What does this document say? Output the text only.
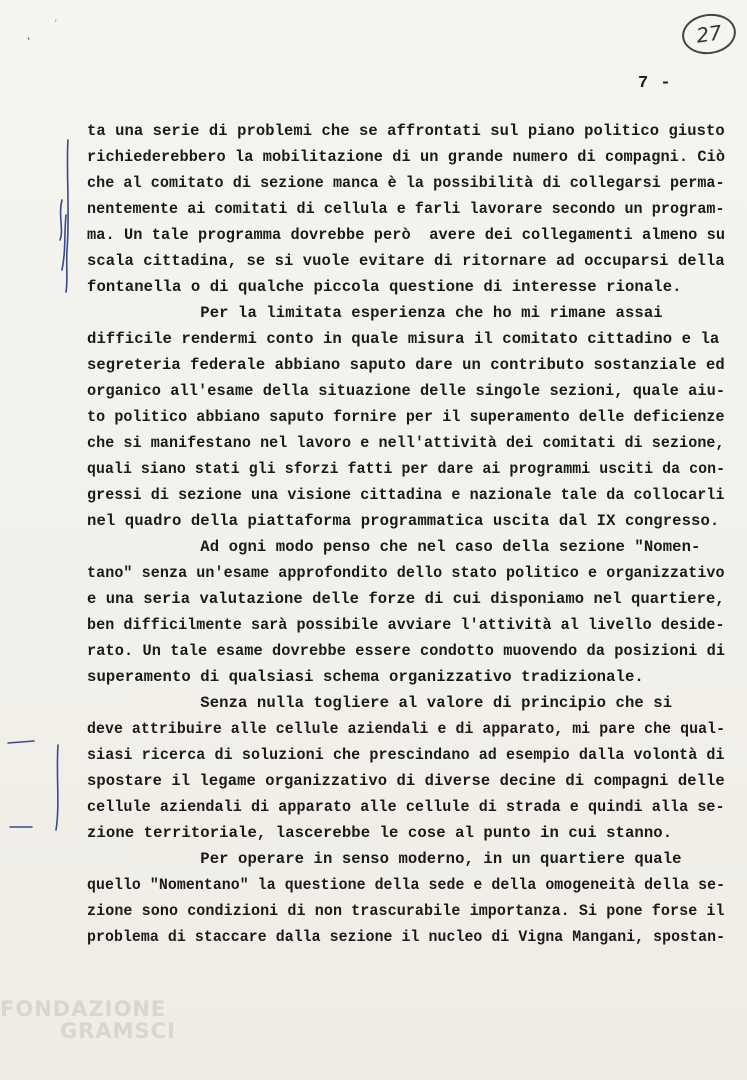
˒
·	27
7 -
ta una serie di problemi che se affrontati sul piano politico giusto
richiederebbero la mobilitazione di un grande numero di compagni. Ciò
che al comitato di sezione manca è la possibilità di collegarsi perma-
nentemente ai comitati di cellula e farli lavorare secondo un program-
ma. Un tale programma dovrebbe però  avere dei collegamenti almeno su
scala cittadina, se si vuole evitare di ritornare ad occuparsi della
fontanella o di qualche piccola questione di interesse rionale.
Per la limitata esperienza che ho mi rimane assai
difficile rendermi conto in quale misura il comitato cittadino e la
segreteria federale abbiano saputo dare un contributo sostanziale ed
organico all'esame della situazione delle singole sezioni, quale aiu-
to politico abbiano saputo fornire per il superamento delle deficienze
che si manifestano nel lavoro e nell'attività dei comitati di sezione,
quali siano stati gli sforzi fatti per dare ai programmi usciti da con-
gressi di sezione una visione cittadina e nazionale tale da collocarli
nel quadro della piattaforma programmatica uscita dal IX congresso.
Ad ogni modo penso che nel caso della sezione "Nomen-
tano" senza un'esame approfondito dello stato politico e organizzativo
e una seria valutazione delle forze di cui disponiamo nel quartiere,
ben difficilmente sarà possibile avviare l'attività al livello deside-
rato. Un tale esame dovrebbe essere condotto muovendo da posizioni di
superamento di qualsiasi schema organizzativo tradizionale.
Senza nulla togliere al valore di principio che si
deve attribuire alle cellule aziendali e di apparato, mi pare che qual-
siasi ricerca di soluzioni che prescindano ad esempio dalla volontà di
spostare il legame organizzativo di diverse decine di compagni delle
cellule aziendali di apparato alle cellule di strada e quindi alla se-
zione territoriale, lascerebbe le cose al punto in cui stanno.
Per operare in senso moderno, in un quartiere quale
quello "Nomentano" la questione della sede e della omogeneità della se-
zione sono condizioni di non trascurabile importanza. Si pone forse il
problema di staccare dalla sezione il nucleo di Vigna Mangani, spostan-
FONDAZIONE
GRAMSCI
